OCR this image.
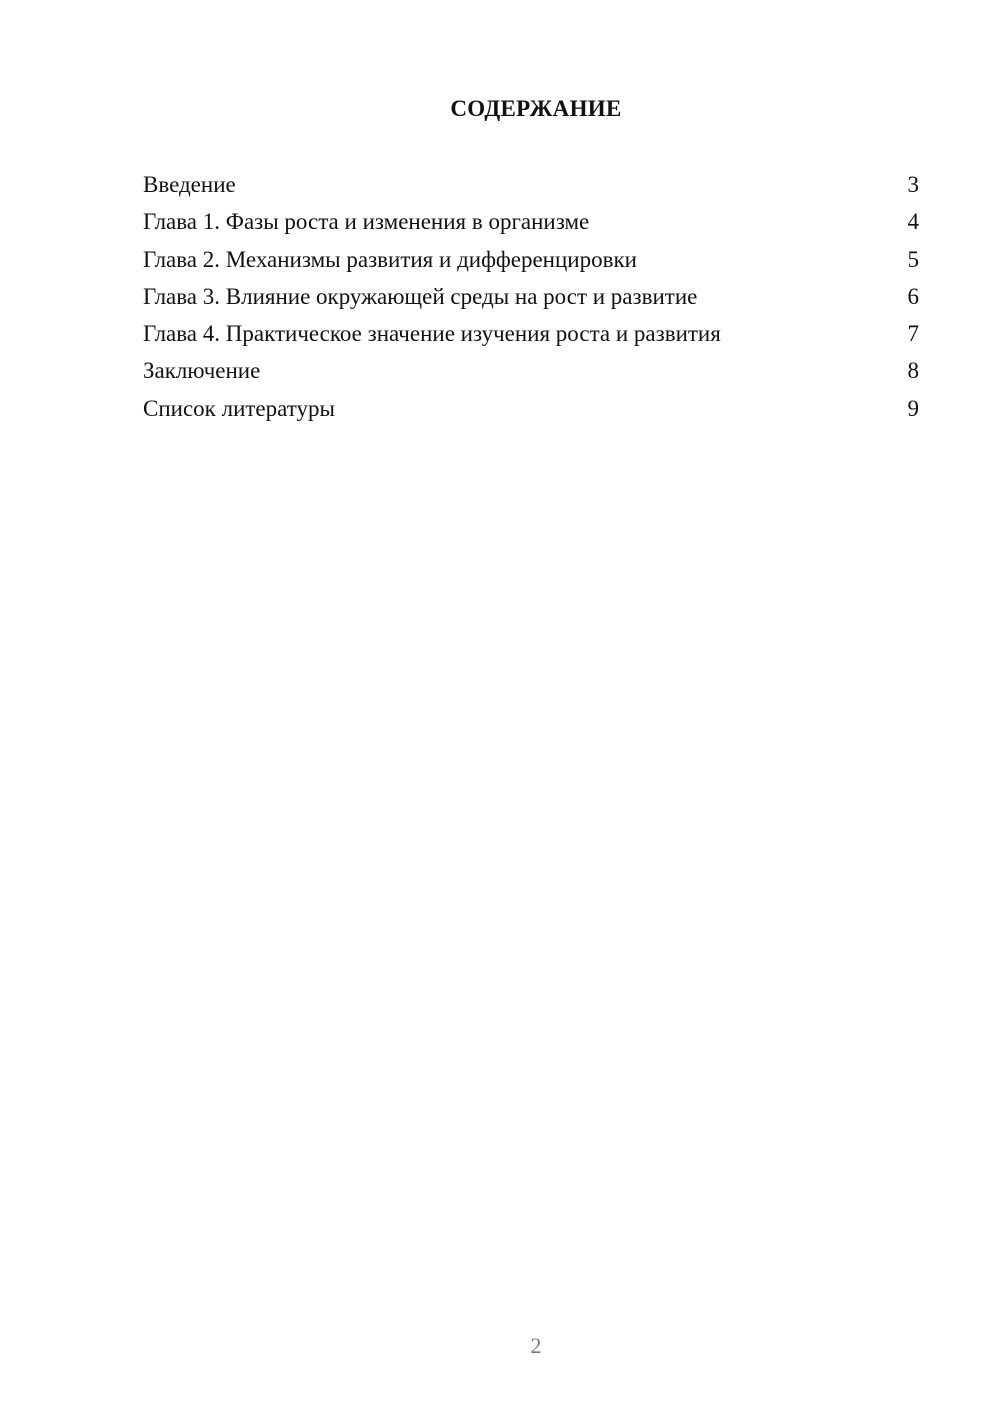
СОДЕРЖАНИЕ
Введение	3
Глава 1. Фазы роста и изменения в организме	4
Глава 2. Механизмы развития и дифференцировки	5
Глава 3. Влияние окружающей среды на рост и развитие	6
Глава 4. Практическое значение изучения роста и развития	7
Заключение	8
Список литературы	9
2
